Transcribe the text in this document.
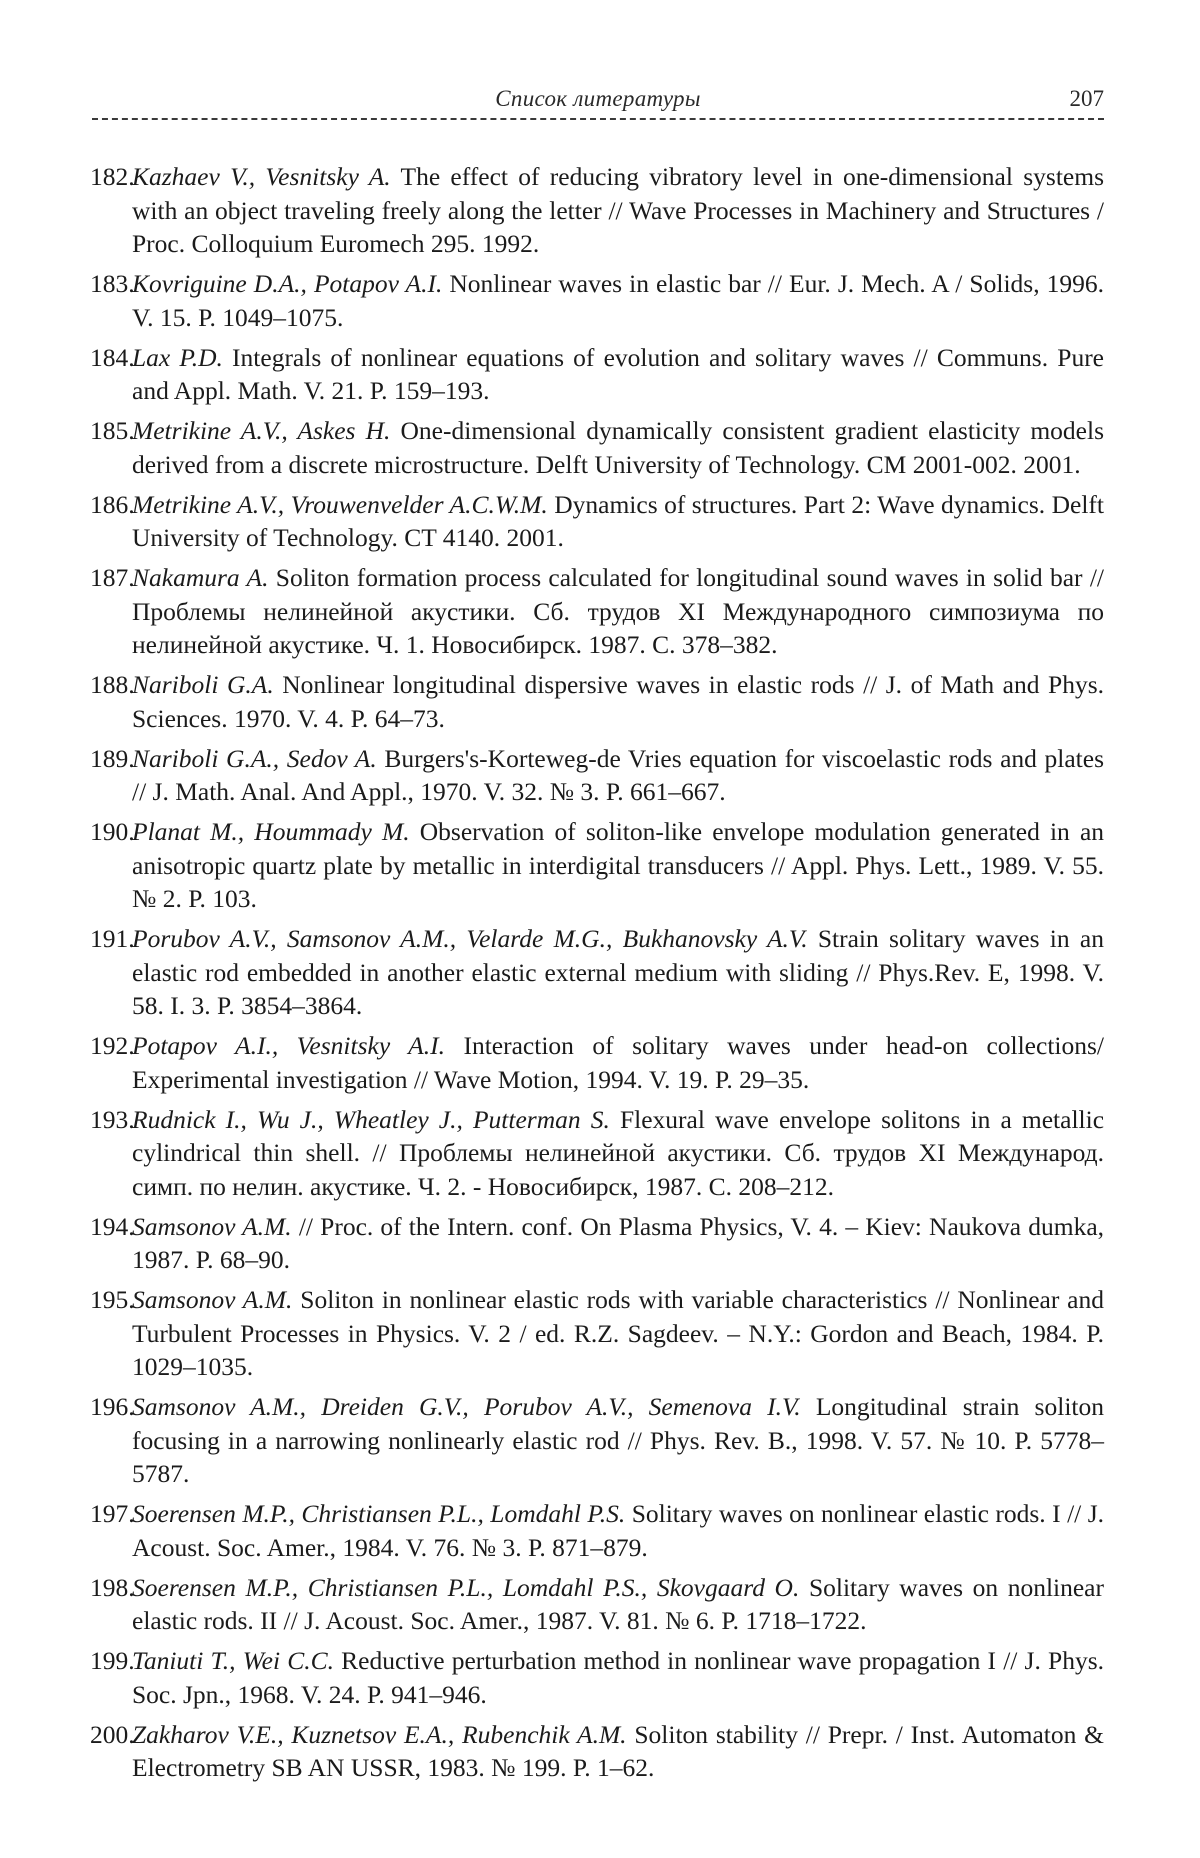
Список литературы	207
182.
Kazhaev V., Vesnitsky A. The effect of reducing vibratory level in one-dimensional systems with an object traveling freely along the letter // Wave Processes in Machinery and Structures / Proc. Colloquium Euromech 295. 1992.
183.
Kovriguine D.A., Potapov A.I. Nonlinear waves in elastic bar // Eur. J. Mech. A / Solids, 1996. V. 15. P. 1049–1075.
184.
Lax P.D. Integrals of nonlinear equations of evolution and solitary waves // Communs. Pure and Appl. Math. V. 21. P. 159–193.
185.
Metrikine A.V., Askes H. One-dimensional dynamically consistent gradient elasticity models derived from a discrete microstructure. Delft University of Technology. CM 2001-002. 2001.
186.
Metrikine A.V., Vrouwenvelder A.C.W.M. Dynamics of structures. Part 2: Wave dynamics. Delft University of Technology. CT 4140. 2001.
187.
Nakamura A. Soliton formation process calculated for longitudinal sound waves in solid bar // Проблемы нелинейной акустики. Сб. трудов XI Международного симпозиума по нелинейной акустике. Ч. 1. Новосибирск. 1987. С. 378–382.
188.
Nariboli G.A. Nonlinear longitudinal dispersive waves in elastic rods // J. of Math and Phys. Sciences. 1970. V. 4. P. 64–73.
189.
Nariboli G.A., Sedov A. Burgers's-Korteweg-de Vries equation for viscoelastic rods and plates // J. Math. Anal. And Appl., 1970. V. 32. № 3. P. 661–667.
190.
Planat M., Hoummady M. Observation of soliton-like envelope modulation generated in an anisotropic quartz plate by metallic in interdigital transducers // Appl. Phys. Lett., 1989. V. 55. № 2. P. 103.
191.
Porubov A.V., Samsonov A.M., Velarde M.G., Bukhanovsky A.V. Strain solitary waves in an elastic rod embedded in another elastic external medium with sliding // Phys.Rev. E, 1998. V. 58. I. 3. P. 3854–3864.
192.
Potapov A.I., Vesnitsky A.I. Interaction of solitary waves under head-on collections/ Experimental investigation // Wave Motion, 1994. V. 19. P. 29–35.
193.
Rudnick I., Wu J., Wheatley J., Putterman S. Flexural wave envelope solitons in a metallic cylindrical thin shell. // Проблемы нелинейной акустики. Сб. трудов XI Международ. симп. по нелин. акустике. Ч. 2. - Новосибирск, 1987. С. 208–212.
194.
Samsonov A.M. // Proc. of the Intern. conf. On Plasma Physics, V. 4. – Kiev: Naukova dumka, 1987. P. 68–90.
195.
Samsonov A.M. Soliton in nonlinear elastic rods with variable characteristics // Nonlinear and Turbulent Processes in Physics. V. 2 / ed. R.Z. Sagdeev. – N.Y.: Gordon and Beach, 1984. P. 1029–1035.
196.
Samsonov A.M., Dreiden G.V., Porubov A.V., Semenova I.V. Longitudinal strain soliton focusing in a narrowing nonlinearly elastic rod // Phys. Rev. B., 1998. V. 57. № 10. P. 5778–5787.
197.
Soerensen M.P., Christiansen P.L., Lomdahl P.S. Solitary waves on nonlinear elastic rods. I // J. Acoust. Soc. Amer., 1984. V. 76. № 3. P. 871–879.
198.
Soerensen M.P., Christiansen P.L., Lomdahl P.S., Skovgaard O. Solitary waves on nonlinear elastic rods. II // J. Acoust. Soc. Amer., 1987. V. 81. № 6. P. 1718–1722.
199.
Taniuti T., Wei C.C. Reductive perturbation method in nonlinear wave propagation I // J. Phys. Soc. Jpn., 1968. V. 24. P. 941–946.
200.
Zakharov V.E., Kuznetsov E.A., Rubenchik A.M. Soliton stability // Prepr. / Inst. Automaton & Electrometry SB AN USSR, 1983. № 199. P. 1–62.
